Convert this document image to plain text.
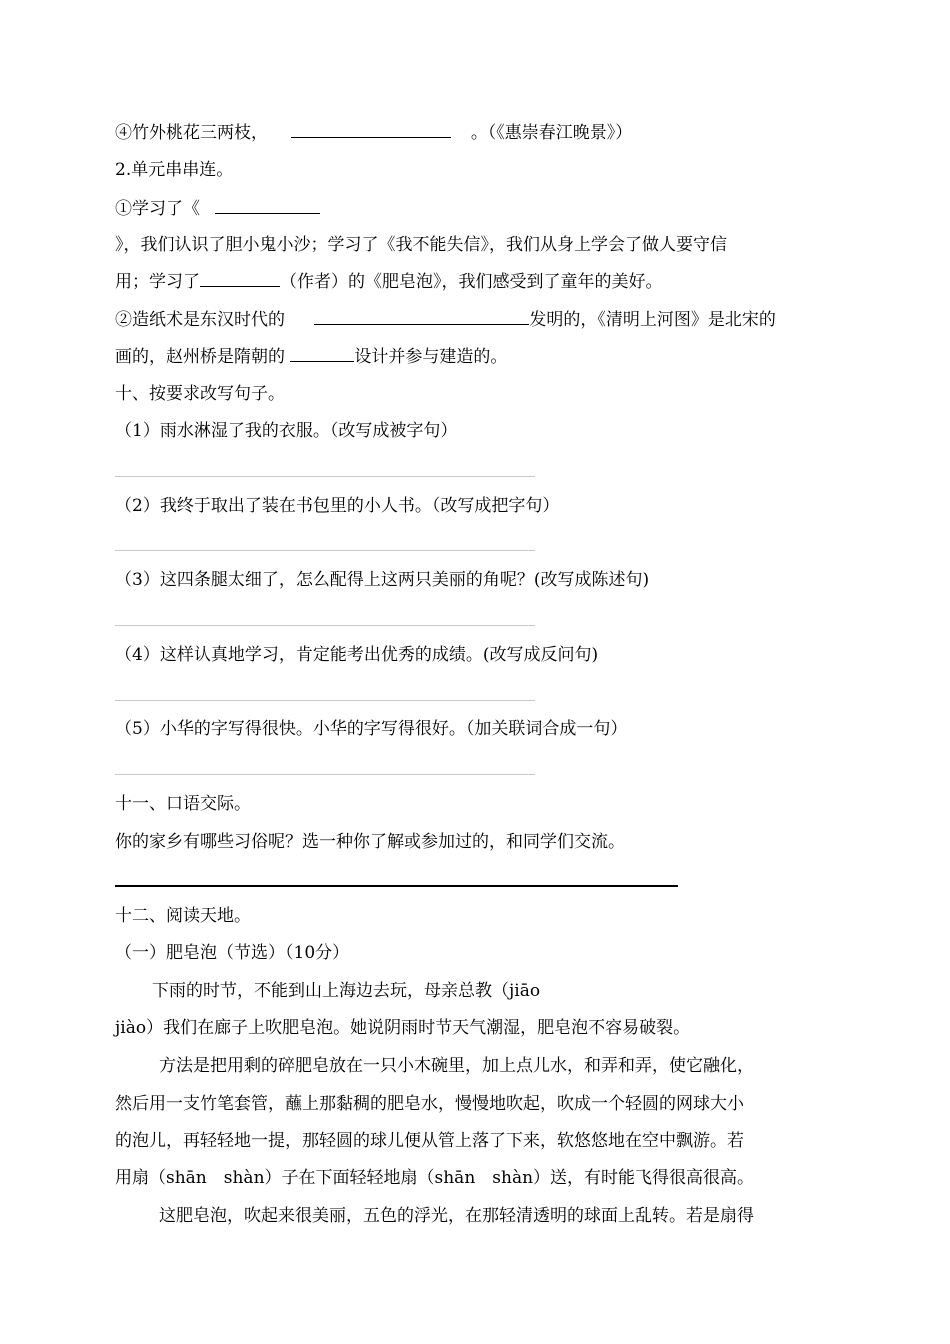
④竹外桃花三两枝，	。（《惠崇春江晚景》）
2.单元串串连。
①学习了《
》，我们认识了胆小鬼小沙；学习了《我不能失信》，我们从身上学会了做人要守信
用；学习了	（作者）的《肥皂泡》，我们感受到了童年的美好。
②造纸术是东汉时代的	发明的，《清明上河图》是北宋的
画的，赵州桥是隋朝的	设计并参与建造的。
十、按要求改写句子。
（1）雨水淋湿了我的衣服。（改写成被字句）
（2）我终于取出了装在书包里的小人书。（改写成把字句）
（3）这四条腿太细了，怎么配得上这两只美丽的角呢？(改写成陈述句)
（4）这样认真地学习，肯定能考出优秀的成绩。(改写成反问句)
（5）小华的字写得很快。小华的字写得很好。（加关联词合成一句）
十一、口语交际。
你的家乡有哪些习俗呢？选一种你了解或参加过的，和同学们交流。
十二、阅读天地。
（一）肥皂泡（节选）（10分）
下雨的时节，不能到山上海边去玩，母亲总教（jiāo
jiào）我们在廊子上吹肥皂泡。她说阴雨时节天气潮湿，肥皂泡不容易破裂。
方法是把用剩的碎肥皂放在一只小木碗里，加上点儿水，和弄和弄，使它融化，
然后用一支竹笔套管，蘸上那黏稠的肥皂水，慢慢地吹起，吹成一个轻圆的网球大小
的泡儿，再轻轻地一提，那轻圆的球儿便从管上落了下来，软悠悠地在空中飘游。若
用扇（shān　shàn）子在下面轻轻地扇（shān　shàn）送，有时能飞得很高很高。
这肥皂泡，吹起来很美丽，五色的浮光，在那轻清透明的球面上乱转。若是扇得
